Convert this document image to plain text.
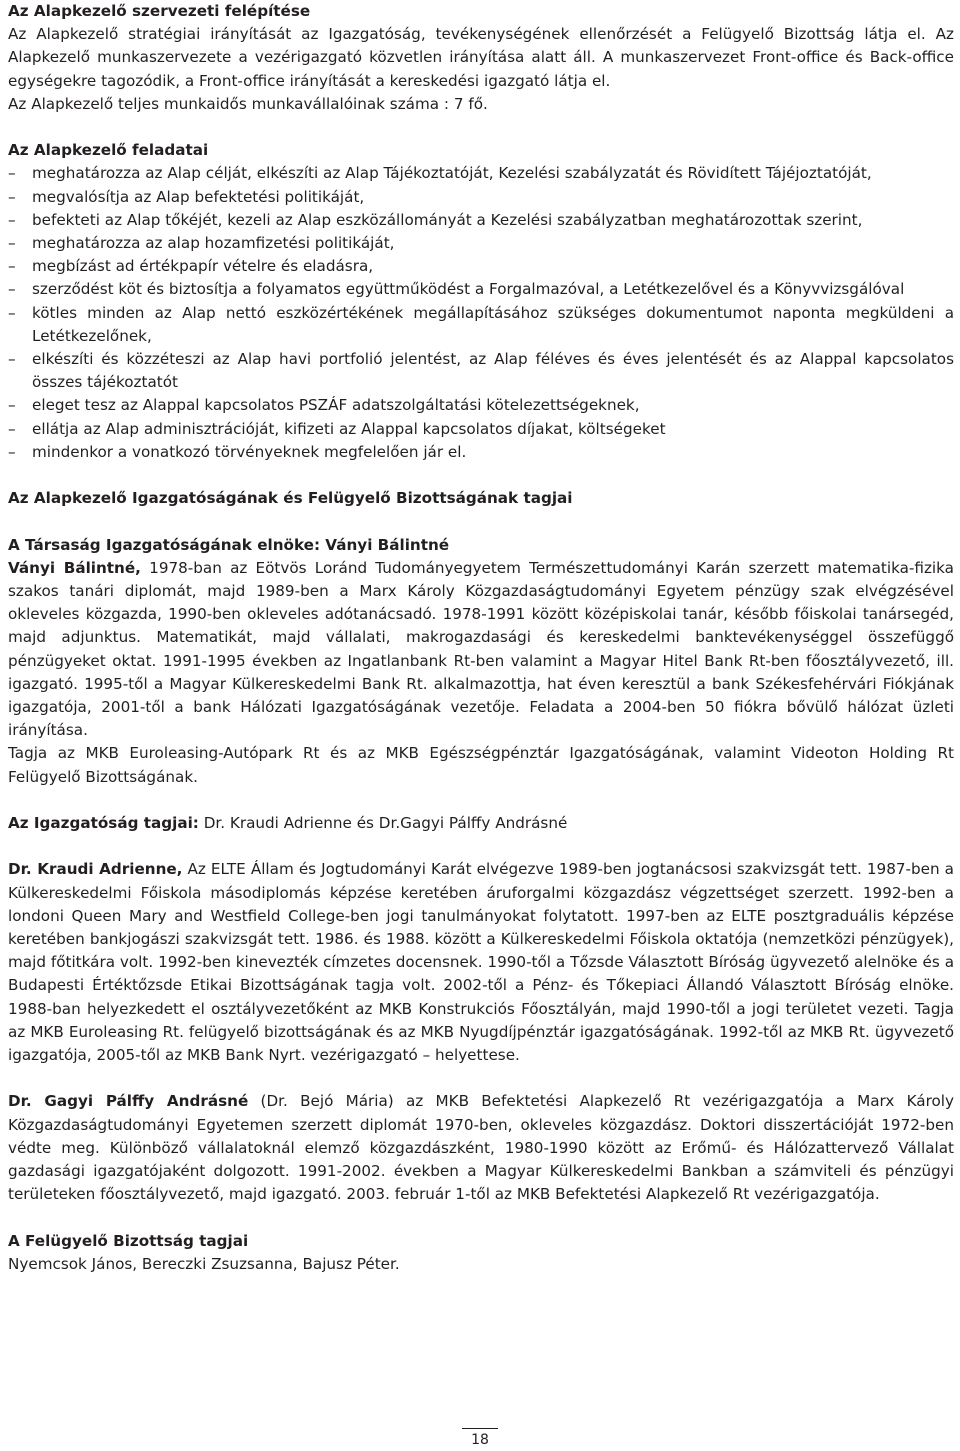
Az Alapkezelő szervezeti felépítése

Az Alapkezelő stratégiai irányítását az Igazgatóság, tevékenységének ellenőrzését a Felügyelő Bizottság látja el. Az Alapkezelő munkaszervezete a vezérigazgató közvetlen irányítása alatt áll. A munkaszervezet Front-office és Back-office egységekre tagozódik, a Front-office irányítását a kereskedési igazgató látja el.

Az Alapkezelő teljes munkaidős munkavállalóinak száma : 7 fő.

Az Alapkezelő feladatai

– meghatározza az Alap célját, elkészíti az Alap Tájékoztatóját, Kezelési szabályzatát és Rövidített Tájéjoztatóját,
– megvalósítja az Alap befektetési politikáját,
– befekteti az Alap tőkéjét, kezeli az Alap eszközállományát a Kezelési szabályzatban meghatározottak szerint,
– meghatározza az alap hozamfizetési politikáját,
– megbízást ad értékpapír vételre és eladásra,
– szerződést köt és biztosítja a folyamatos együttműködést a Forgalmazóval, a Letétkezelővel és a Könyvvizsgálóval
– kötles minden az Alap nettó eszközértékének megállapításához szükséges dokumentumot naponta megküldeni a Letétkezelőnek,
– elkészíti és közzéteszi az Alap havi portfolió jelentést, az Alap féléves és éves jelentését és az Alappal kapcsolatos összes tájékoztatót
– eleget tesz az Alappal kapcsolatos PSZÁF adatszolgáltatási kötelezettségeknek,
– ellátja az Alap adminisztrációját, kifizeti az Alappal kapcsolatos díjakat, költségeket
– mindenkor a vonatkozó törvényeknek megfelelően jár el.

Az Alapkezelő Igazgatóságának és Felügyelő Bizottságának tagjai

A Társaság Igazgatóságának elnöke: Ványi Bálintné

Ványi Bálintné, 1978-ban az Eötvös Loránd Tudományegyetem Természettudományi Karán szerzett matematika-fizika szakos tanári diplomát, majd 1989-ben a Marx Károly Közgazdaságtudományi Egyetem pénzügy szak elvégzésével okleveles közgazda, 1990-ben okleveles adótanácsadó. 1978-1991 között középiskolai tanár, később főiskolai tanársegéd, majd adjunktus. Matematikát, majd vállalati, makrogazdasági és kereskedelmi banktevékenységgel összefüggő pénzügyeket oktat. 1991-1995 években az Ingatlanbank Rt-ben valamint a Magyar Hitel Bank Rt-ben főosztályvezető, ill. igazgató. 1995-től a Magyar Külkereskedelmi Bank Rt. alkalmazottja, hat éven keresztül a bank Székesfehérvári Fiókjának igazgatója, 2001-től a bank Hálózati Igazgatóságának vezetője. Feladata a 2004-ben 50 fiókra bővülő hálózat üzleti irányítása.

Tagja az MKB Euroleasing-Autópark Rt és az MKB Egészségpénztár Igazgatóságának, valamint Videoton Holding Rt Felügyelő Bizottságának.

Az Igazgatóság tagjai: Dr. Kraudi Adrienne és Dr.Gagyi Pálffy Andrásné

Dr. Kraudi Adrienne, Az ELTE Állam és Jogtudományi Karát elvégezve 1989-ben jogtanácsosi szakvizsgát tett. 1987-ben a Külkereskedelmi Főiskola másodiplomás képzése keretében áruforgalmi közgazdász végzettséget szerzett. 1992-ben a londoni Queen Mary and Westfield College-ben jogi tanulmányokat folytatott. 1997-ben az ELTE posztgraduális képzése keretében bankjogászi szakvizsgát tett. 1986. és 1988. között a Külkereskedelmi Főiskola oktatója (nemzetközi pénzügyek), majd főtitkára volt. 1992-ben kinevezték címzetes docensnek. 1990-től a Tőzsde Választott Bíróság ügyvezető alelnöke és a Budapesti Értéktőzsde Etikai Bizottságának tagja volt. 2002-től a Pénz- és Tőkepiaci Állandó Választott Bíróság elnöke. 1988-ban helyezkedett el osztályvezetőként az MKB Konstrukciós Főosztályán, majd 1990-től a jogi területet vezeti. Tagja az MKB Euroleasing Rt. felügyelő bizottságának és az MKB Nyugdíjpénztár igazgatóságának. 1992-től az MKB Rt. ügyvezető igazgatója, 2005-től az MKB Bank Nyrt. vezérigazgató – helyettese.

Dr. Gagyi Pálffy Andrásné (Dr. Bejó Mária) az MKB Befektetési Alapkezelő Rt vezérigazgatója a Marx Károly Közgazdaságtudományi Egyetemen szerzett diplomát 1970-ben, okleveles közgazdász. Doktori disszertációját 1972-ben védte meg. Különböző vállalatoknál elemző közgazdászként, 1980-1990 között az Erőmű- és Hálózattervező Vállalat gazdasági igazgatójaként dolgozott. 1991-2002. években a Magyar Külkereskedelmi Bankban a számviteli és pénzügyi területeken főosztályvezető, majd igazgató. 2003. február 1-től az MKB Befektetési Alapkezelő Rt vezérigazgatója.

A Felügyelő Bizottság tagjai

Nyemcsok János, Bereczki Zsuzsanna, Bajusz Péter.

18
